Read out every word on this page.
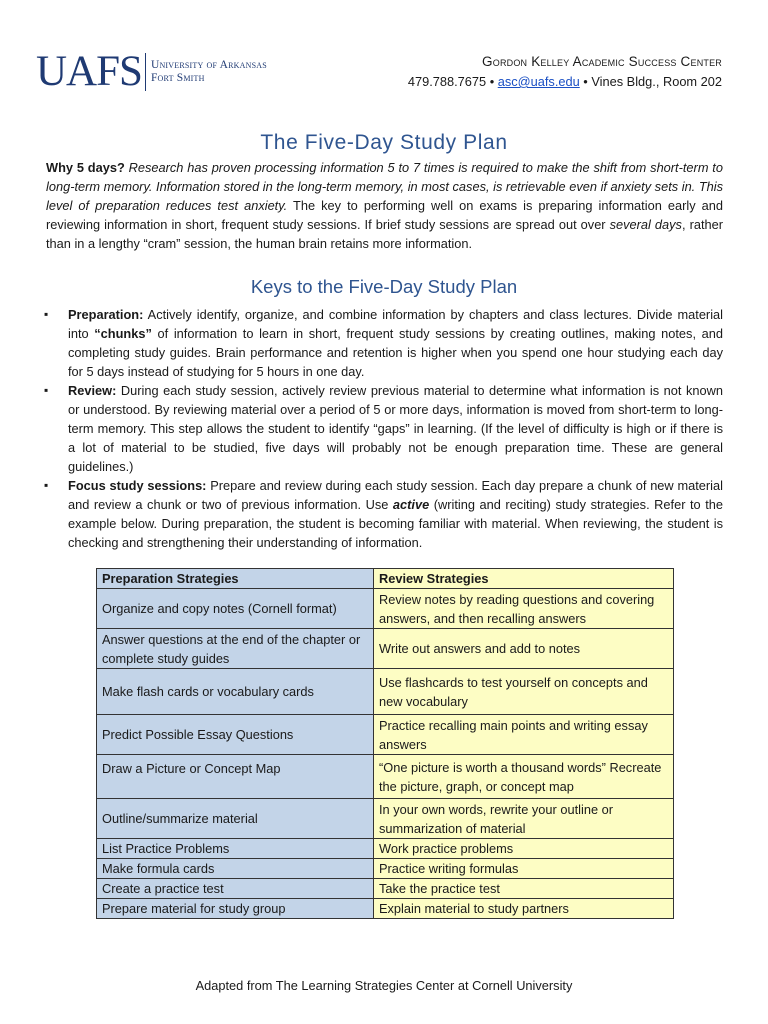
UAFS University of Arkansas
Fort Smith
Gordon Kelley Academic Success Center
479.788.7675 • asc@uafs.edu • Vines Bldg., Room 202
The Five-Day Study Plan

Why 5 days? Research has proven processing information 5 to 7 times is required to make the shift from short-term to long-term memory. Information stored in the long-term memory, in most cases, is retrievable even if anxiety sets in. This level of preparation reduces test anxiety. The key to performing well on exams is preparing information early and reviewing information in short, frequent study sessions. If brief study sessions are spread out over several days, rather than in a lengthy “cram” session, the human brain retains more information.

Keys to the Five-Day Study Plan
▪ Preparation: Actively identify, organize, and combine information by chapters and class lectures. Divide material into “chunks” of information to learn in short, frequent study sessions by creating outlines, making notes, and completing study guides. Brain performance and retention is higher when you spend one hour studying each day for 5 days instead of studying for 5 hours in one day.
▪ Review: During each study session, actively review previous material to determine what information is not known or understood. By reviewing material over a period of 5 or more days, information is moved from short-term to long-term memory. This step allows the student to identify “gaps” in learning. (If the level of difficulty is high or if there is a lot of material to be studied, five days will probably not be enough preparation time. These are general guidelines.)
▪ Focus study sessions: Prepare and review during each study session. Each day prepare a chunk of new material and review a chunk or two of previous information. Use active (writing and reciting) study strategies. Refer to the example below. During preparation, the student is becoming familiar with material. When reviewing, the student is checking and strengthening their understanding of information.
Preparation Strategies	Review Strategies
Organize and copy notes (Cornell format)	Review notes by reading questions and covering answers, and then recalling answers
Answer questions at the end of the chapter or complete study guides	Write out answers and add to notes
Make flash cards or vocabulary cards	Use flashcards to test yourself on concepts and new vocabulary
Predict Possible Essay Questions	Practice recalling main points and writing essay answers
Draw a Picture or Concept Map	“One picture is worth a thousand words” Recreate the picture, graph, or concept map
Outline/summarize material	In your own words, rewrite your outline or summarization of material
List Practice Problems	Work practice problems
Make formula cards	Practice writing formulas
Create a practice test	Take the practice test
Prepare material for study group	Explain material to study partners
Adapted from The Learning Strategies Center at Cornell University
